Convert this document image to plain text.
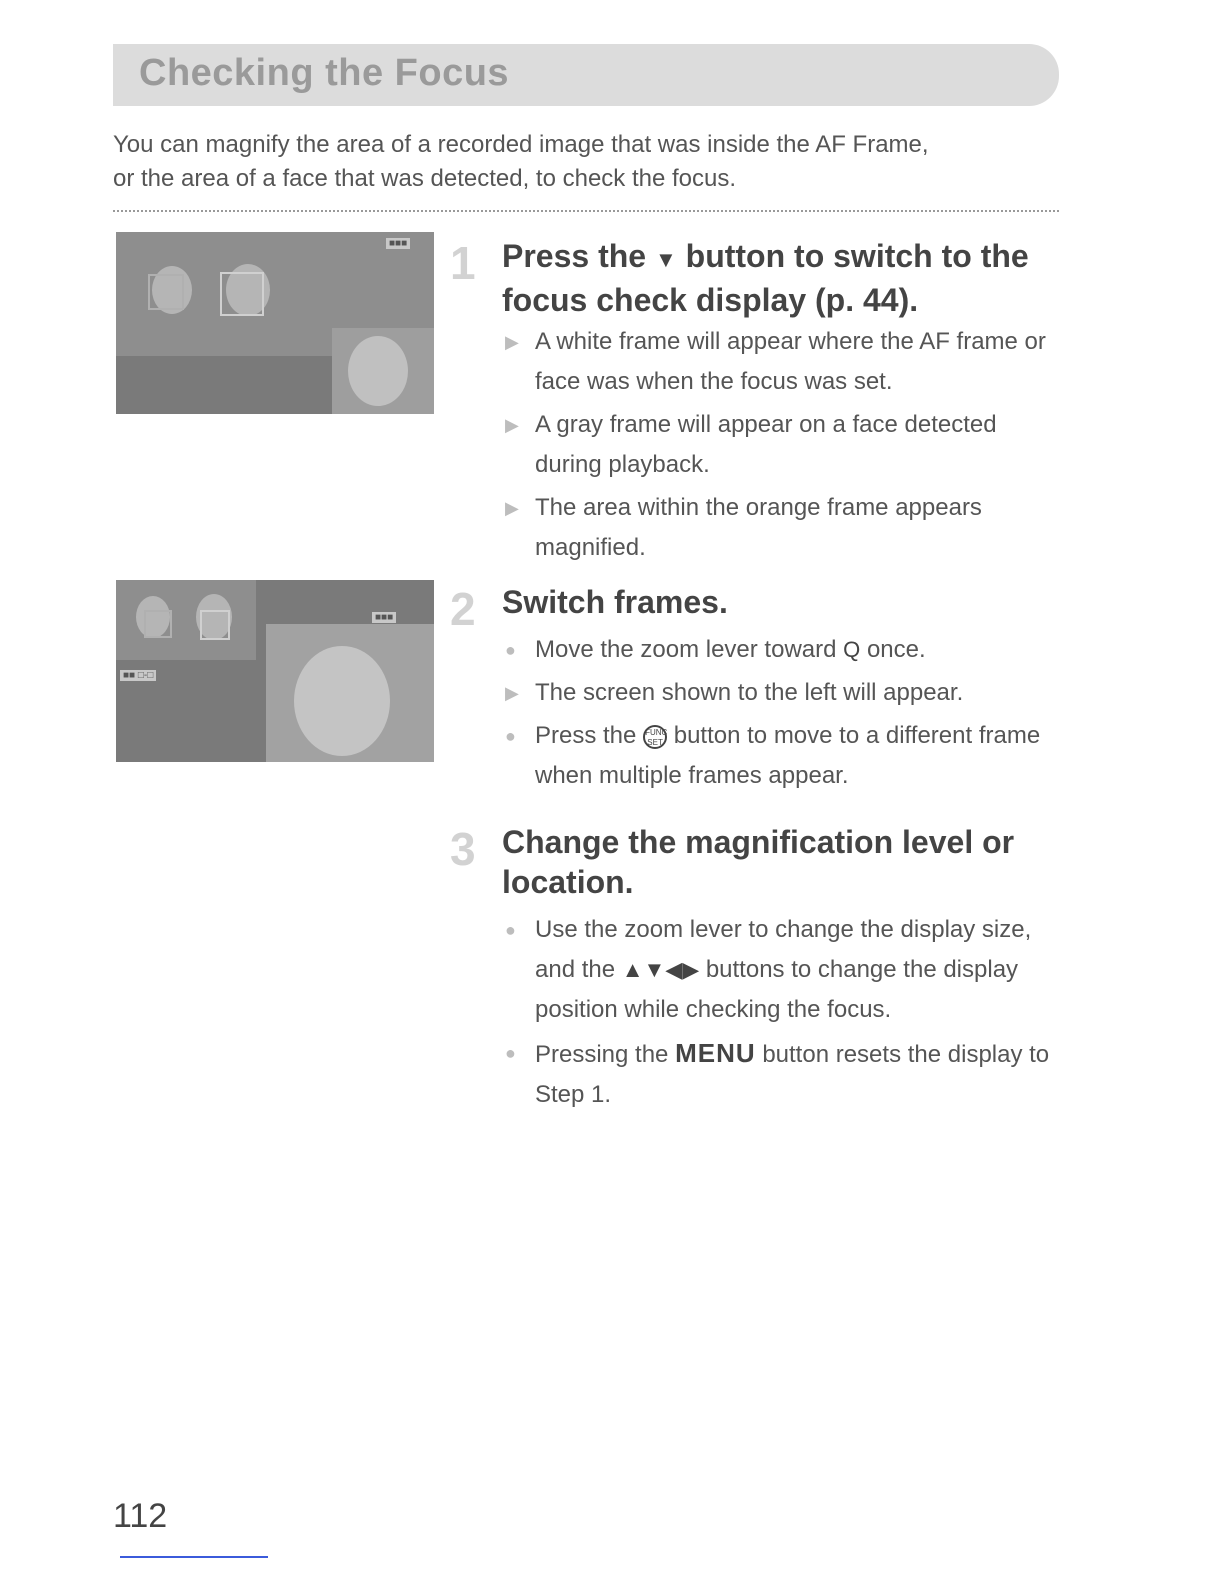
Checking the Focus

You can magnify the area of a recorded image that was inside the AF Frame,

or the area of a face that was detected, to check the focus.

■■■
■■■
■■ □-□
1 Press the ▼ button to switch to the focus check display (p. 44).
▶ A white frame will appear where the AF frame or face was when the focus was set.
▶ A gray frame will appear on a face detected during playback.
▶ The area within the orange frame appears magnified.
2 Switch frames.
● Move the zoom lever toward Q once.
▶ The screen shown to the left will appear.
● Press the FUNC
SET button to move to a different frame when multiple frames appear.
3 Change the magnification level or location.
● Use the zoom lever to change the display size, and the ▲▼◀▶ buttons to change the display position while checking the focus.
● Pressing the MENU button resets the display to Step 1.
112
